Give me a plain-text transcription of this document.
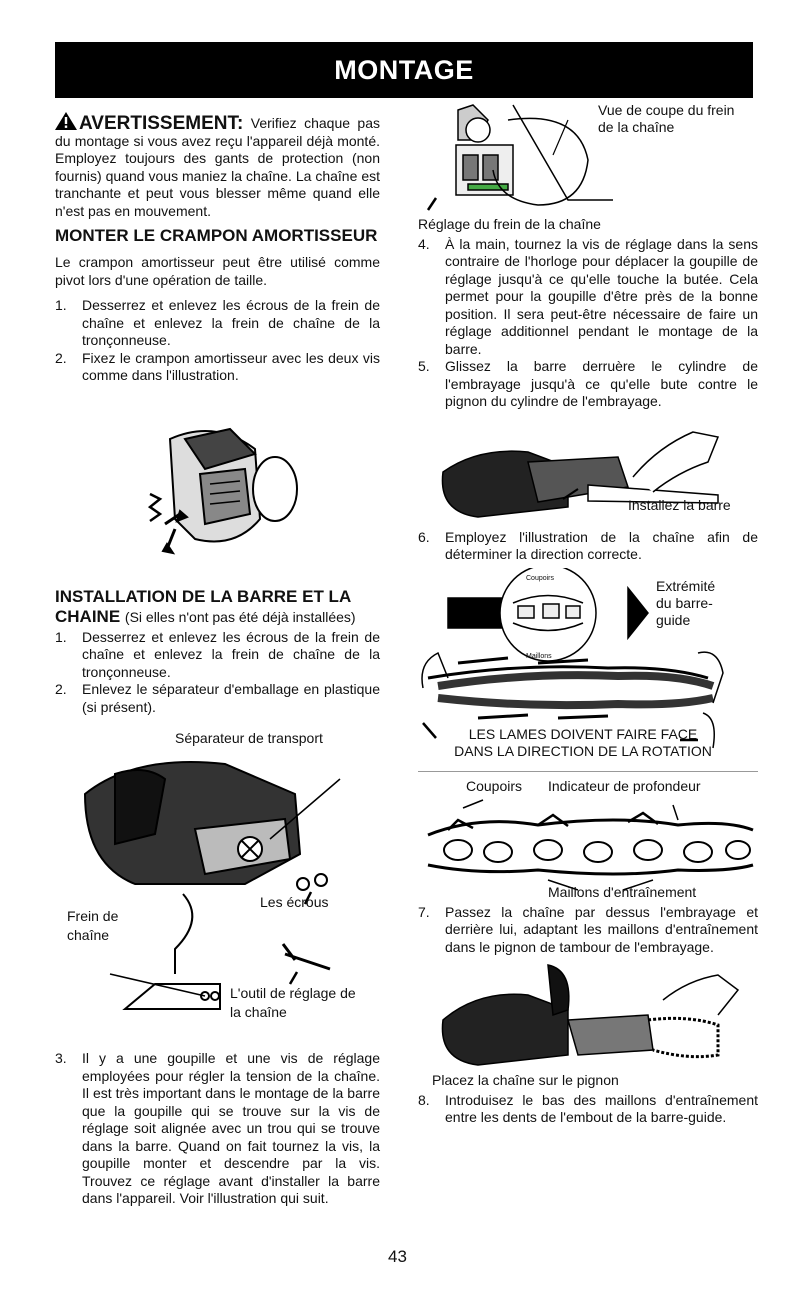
MONTAGE

AVERTISSEMENT: Verifiez chaque pas du montage si vous avez reçu l'appareil déjà monté. Employez toujours des gants de protection (non fournis) quand vous maniez la chaîne. La chaîne est tranchante et peut vous blesser même quand elle n'est pas en mouvement.

MONTER LE CRAMPON AMORTISSEUR

Le crampon amortisseur peut être utilisé comme pivot lors d'une opération de taille.

1. Desserrez et enlevez les écrous de la frein de chaîne et enlevez la frein de chaîne de la tronçonneuse.
2. Fixez le crampon amortisseur avec les deux vis comme dans l'illustration.
INSTALLATION DE LA BARRE ET LA CHAINE (Si elles n'ont pas été déjà installées)
1. Desserrez et enlevez les écrous de la frein de chaîne et enlevez la frein de chaîne de la tronçonneuse.
2. Enlevez le séparateur d'emballage en plastique (si présent).
Séparateur de transport
Les écrous
Frein de chaîne
L'outil de réglage de la chaîne
3. Il y a une goupille et une vis de réglage employées pour régler la tension de la chaîne. Il est très important dans le montage de la barre que la goupille qui se trouve sur la vis de réglage soit alignée avec un trou qui se trouve dans la barre. Quand on fait tournez la vis, la goupille monter et descendre par la vis. Trouvez ce réglage avant d'installer la barre dans l'appareil. Voir l'illustration qui suit.
Vue de coupe du frein de la chaîne
Réglage du frein de la chaîne
4. À la main, tournez la vis de réglage dans la sens contraire de l'horloge pour déplacer la goupille de réglage jusqu'à ce qu'elle touche la butée. Cela permet pour la goupille d'être près de la bonne position. Il sera peut-être nécessaire de faire un réglage additionnel pendant le montage de la barre.
5. Glissez la barre derruère le cylindre de l'embrayage jusqu'à ce qu'elle bute contre le pignon du cylindre de l'embrayage.
Installez la barre
6. Employez l'illustration de la chaîne afin de déterminer la direction correcte.
Coupoirs
Maillons
Extrémité du barre-guide
LES LAMES DOIVENT FAIRE FACE DANS LA DIRECTION DE LA ROTATION
Coupoirs Indicateur de profondeur
Maillons d'entraînement
7. Passez la chaîne par dessus l'embrayage et derrière lui, adaptant les maillons d'entraînement dans le pignon de tambour de l'embrayage.
Placez la chaîne sur le pignon
8. Introduisez le bas des maillons d'entraînement entre les dents de l'embout de la barre-guide.
43
